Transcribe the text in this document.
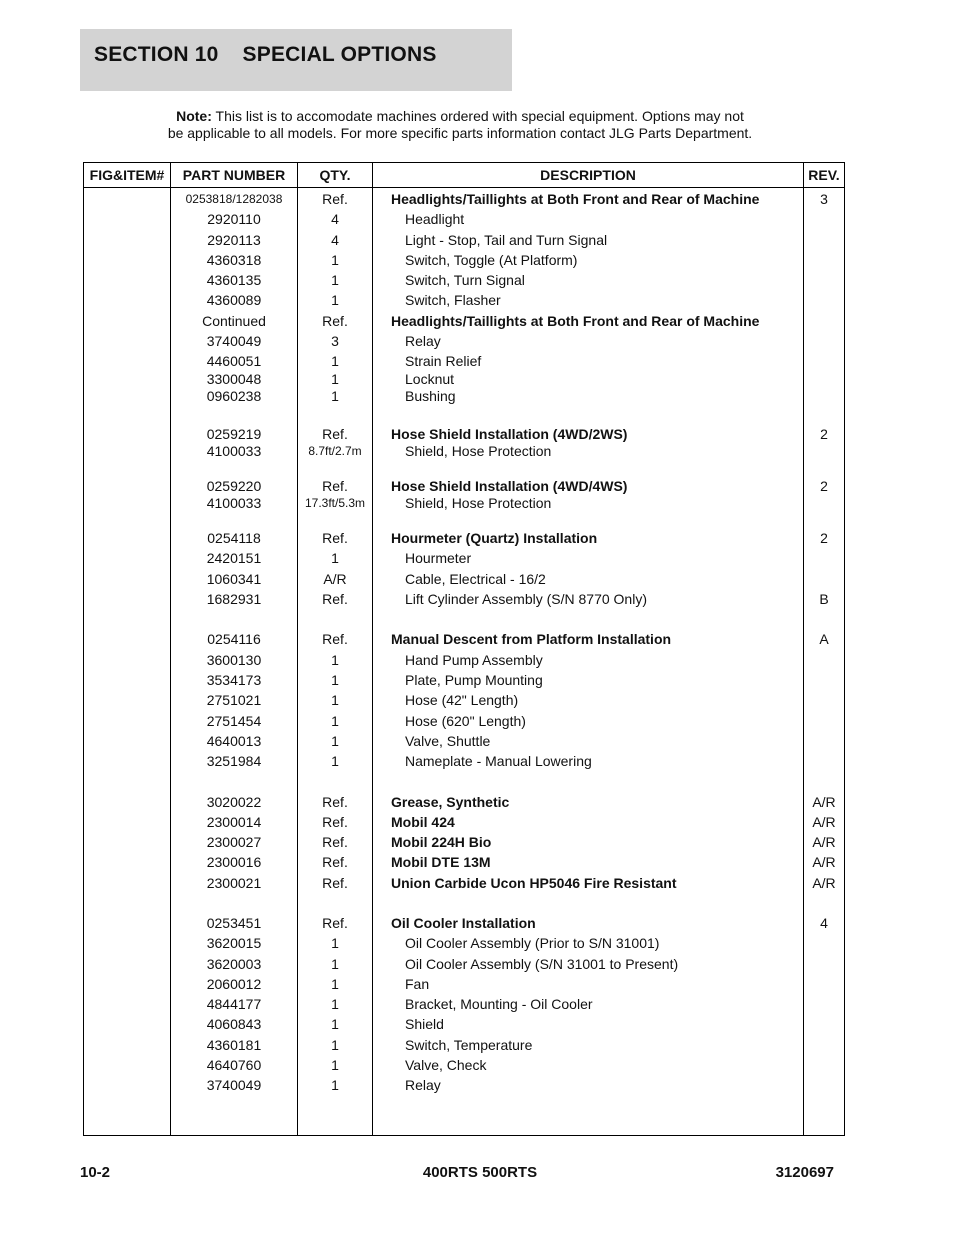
SECTION 10 SPECIAL OPTIONS
Note: This list is to accomodate machines ordered with special equipment. Options may not
be applicable to all models. For more specific parts information contact JLG Parts Department.
FIG&ITEM#	PART NUMBER	QTY.	DESCRIPTION	REV.
0253818/1282038	Ref.	Headlights/Taillights at Both Front and Rear of Machine	3
2920110	4	Headlight
2920113	4	Light - Stop, Tail and Turn Signal
4360318	1	Switch, Toggle (At Platform)
4360135	1	Switch, Turn Signal
4360089	1	Switch, Flasher
Continued	Ref.	Headlights/Taillights at Both Front and Rear of Machine
3740049	3	Relay
4460051	1	Strain Relief
3300048	1	Locknut
0960238	1	Bushing
0259219	Ref.	Hose Shield Installation (4WD/2WS)	2
4100033	8.7ft/2.7m	Shield, Hose Protection
0259220	Ref.	Hose Shield Installation (4WD/4WS)	2
4100033	17.3ft/5.3m	Shield, Hose Protection
0254118	Ref.	Hourmeter (Quartz) Installation	2
2420151	1	Hourmeter
1060341	A/R	Cable, Electrical - 16/2
1682931	Ref.	Lift Cylinder Assembly (S/N 8770 Only)	B
0254116	Ref.	Manual Descent from Platform Installation	A
3600130	1	Hand Pump Assembly
3534173	1	Plate, Pump Mounting
2751021	1	Hose (42" Length)
2751454	1	Hose (620" Length)
4640013	1	Valve, Shuttle
3251984	1	Nameplate - Manual Lowering
3020022	Ref.	Grease, Synthetic	A/R
2300014	Ref.	Mobil 424	A/R
2300027	Ref.	Mobil 224H Bio	A/R
2300016	Ref.	Mobil DTE 13M	A/R
2300021	Ref.	Union Carbide Ucon HP5046 Fire Resistant	A/R
0253451	Ref.	Oil Cooler Installation	4
3620015	1	Oil Cooler Assembly (Prior to S/N 31001)
3620003	1	Oil Cooler Assembly (S/N 31001 to Present)
2060012	1	Fan
4844177	1	Bracket, Mounting - Oil Cooler
4060843	1	Shield
4360181	1	Switch, Temperature
4640760	1	Valve, Check
3740049	1	Relay
10-2	400RTS 500RTS	3120697
